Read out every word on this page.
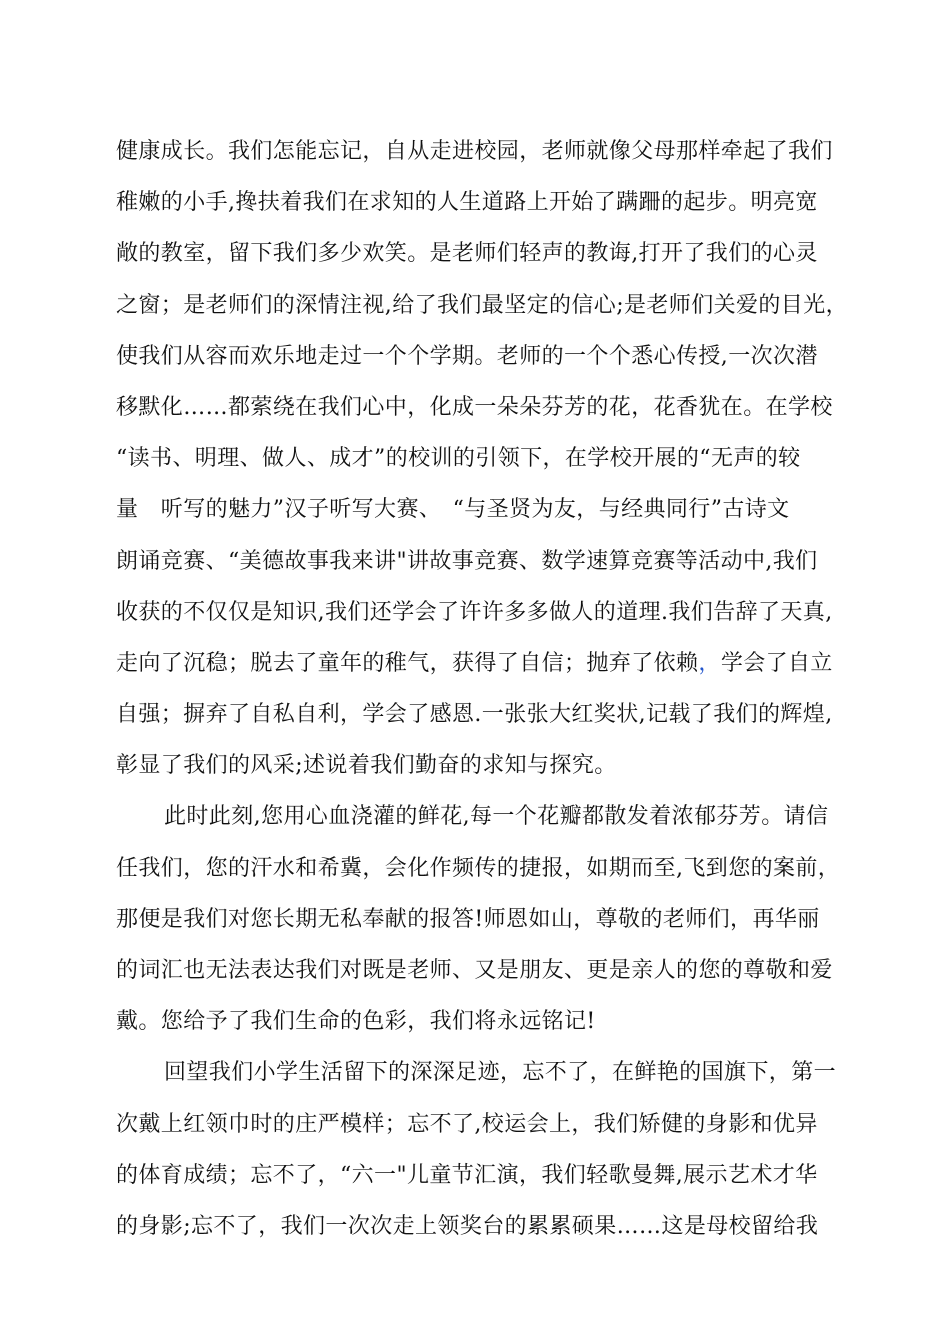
健康成长。我们怎能忘记，自从走进校园，老师就像父母那样牵起了我们
稚嫩的小手,搀扶着我们在求知的人生道路上开始了蹒跚的起步。明亮宽
敞的教室，留下我们多少欢笑。是老师们轻声的教诲,打开了我们的心灵
之窗；是老师们的深情注视,给了我们最坚定的信心;是老师们关爱的目光，
使我们从容而欢乐地走过一个个学期。老师的一个个悉心传授,一次次潜
移默化……都萦绕在我们心中，化成一朵朵芬芳的花，花香犹在。在学校
“读书、明理、做人、成才”的校训的引领下，在学校开展的“无声的较
量　听写的魅力”汉子听写大赛、　“与圣贤为友，与经典同行”古诗文
朗诵竞赛、“美德故事我来讲"讲故事竞赛、数学速算竞赛等活动中,我们
收获的不仅仅是知识,我们还学会了许许多多做人的道理.我们告辞了天真,
走向了沉稳；脱去了童年的稚气，获得了自信；抛弃了依赖，学会了自立
自强；摒弃了自私自利，学会了感恩.一张张大红奖状,记载了我们的辉煌,
彰显了我们的风采;述说着我们勤奋的求知与探究。
此时此刻,您用心血浇灌的鲜花,每一个花瓣都散发着浓郁芬芳。请信
任我们，您的汗水和希冀，会化作频传的捷报，如期而至,飞到您的案前，
那便是我们对您长期无私奉献的报答!师恩如山，尊敬的老师们，再华丽
的词汇也无法表达我们对既是老师、又是朋友、更是亲人的您的尊敬和爱
戴。您给予了我们生命的色彩，我们将永远铭记!
回望我们小学生活留下的深深足迹，忘不了，在鲜艳的国旗下，第一
次戴上红领巾时的庄严模样；忘不了,校运会上，我们矫健的身影和优异
的体育成绩；忘不了，“六一"儿童节汇演，我们轻歌曼舞,展示艺术才华
的身影;忘不了，我们一次次走上领奖台的累累硕果……这是母校留给我
